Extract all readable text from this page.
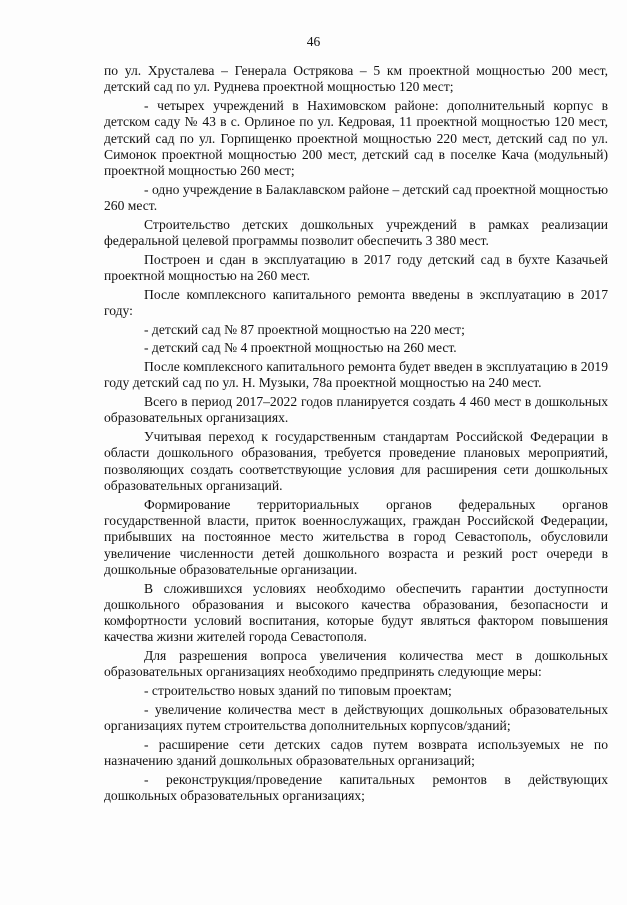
46

по ул. Хрусталева – Генерала Острякова – 5 км проектной мощностью 200 мест, детский сад по ул. Руднева проектной мощностью 120 мест;

- четырех учреждений в Нахимовском районе: дополнительный корпус в детском саду № 43 в с. Орлиное по ул. Кедровая, 11 проектной мощностью 120 мест, детский сад по ул. Горпищенко проектной мощностью 220 мест, детский сад по ул. Симонок проектной мощностью 200 мест, детский сад в поселке Кача (модульный) проектной мощностью 260 мест;

- одно учреждение в Балаклавском районе – детский сад проектной мощностью 260 мест.

Строительство детских дошкольных учреждений в рамках реализации федеральной целевой программы позволит обеспечить 3 380 мест.

Построен и сдан в эксплуатацию в 2017 году детский сад в бухте Казачьей проектной мощностью на 260 мест.

После комплексного капитального ремонта введены в эксплуатацию в 2017 году:

- детский сад № 87 проектной мощностью на 220 мест;

- детский сад № 4 проектной мощностью на 260 мест.

После комплексного капитального ремонта будет введен в эксплуатацию в 2019 году детский сад по ул. Н. Музыки, 78а проектной мощностью на 240 мест.

Всего в период 2017–2022 годов планируется создать 4 460 мест в дошкольных образовательных организациях.

Учитывая переход к государственным стандартам Российской Федерации в области дошкольного образования, требуется проведение плановых мероприятий, позволяющих создать соответствующие условия для расширения сети дошкольных образовательных организаций.

Формирование территориальных органов федеральных органов государственной власти, приток военнослужащих, граждан Российской Федерации, прибывших на постоянное место жительства в город Севастополь, обусловили увеличение численности детей дошкольного возраста и резкий рост очереди в дошкольные образовательные организации.

В сложившихся условиях необходимо обеспечить гарантии доступности дошкольного образования и высокого качества образования, безопасности и комфортности условий воспитания, которые будут являться фактором повышения качества жизни жителей города Севастополя.

Для разрешения вопроса увеличения количества мест в дошкольных образовательных организациях необходимо предпринять следующие меры:

- строительство новых зданий по типовым проектам;

- увеличение количества мест в действующих дошкольных образовательных организациях путем строительства дополнительных корпусов/зданий;

- расширение сети детских садов путем возврата используемых не по назначению зданий дошкольных образовательных организаций;

- реконструкция/проведение капитальных ремонтов в действующих дошкольных образовательных организациях;
